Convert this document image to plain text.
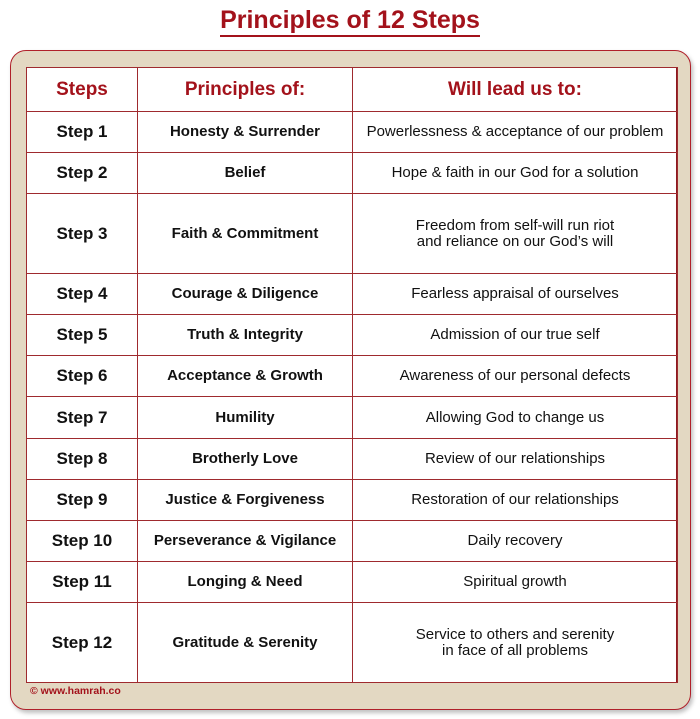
Principles of 12 Steps
Steps	Principles of:	Will lead us to:
Step 1	Honesty & Surrender	Powerlessness & acceptance of our problem
Step 2	Belief	Hope & faith in our God for a solution
Step 3	Faith & Commitment	Freedom from self-will run riot
and reliance on our God’s will
Step 4	Courage & Diligence	Fearless appraisal of ourselves
Step 5	Truth & Integrity	Admission of our true self
Step 6	Acceptance & Growth	Awareness of our personal defects
Step 7	Humility	Allowing God to change us
Step 8	Brotherly Love	Review of our relationships
Step 9	Justice & Forgiveness	Restoration of our relationships
Step 10	Perseverance & Vigilance	Daily recovery
Step 11	Longing & Need	Spiritual growth
Step 12	Gratitude & Serenity	Service to others and serenity
in face of all problems
© www.hamrah.co
